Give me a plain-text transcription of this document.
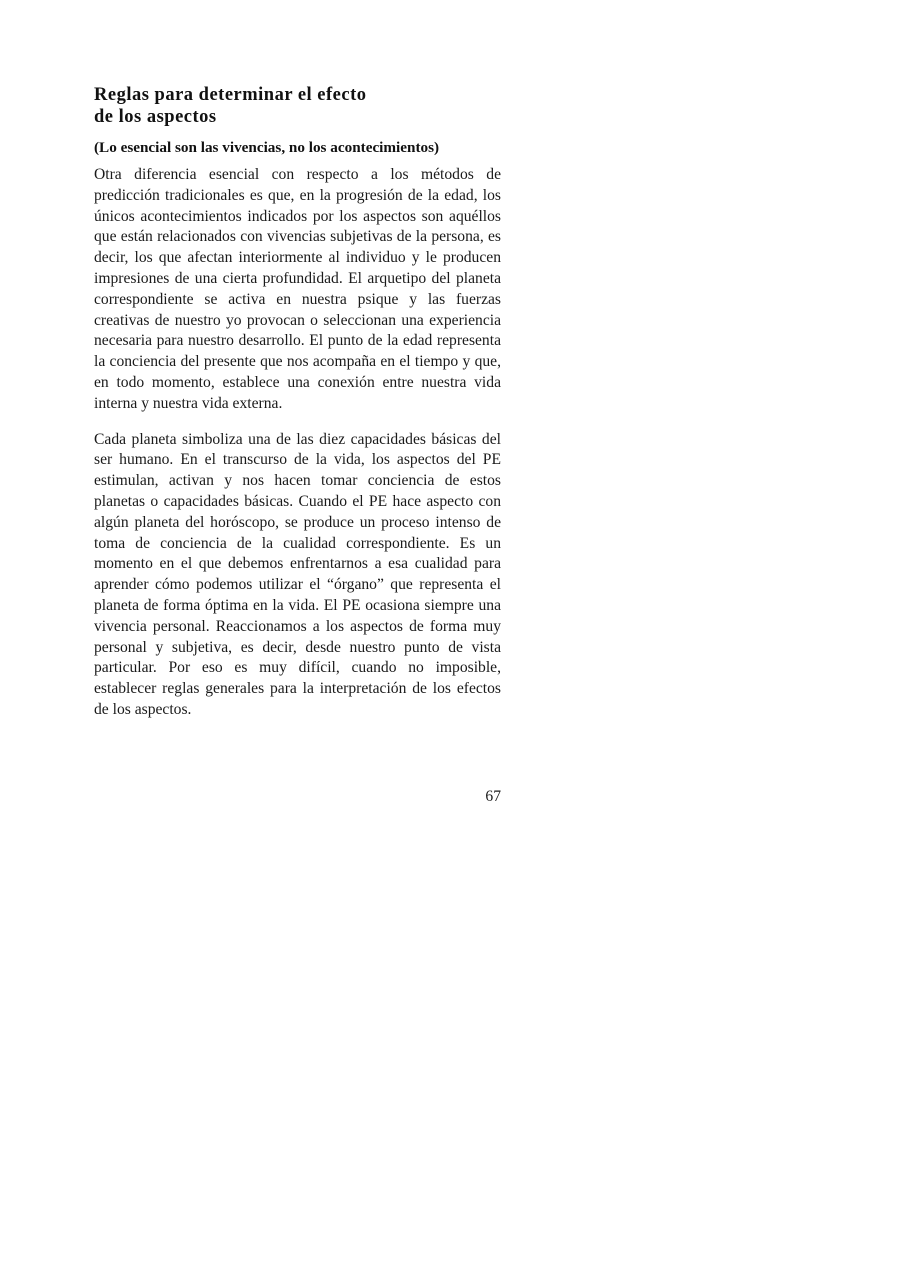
Reglas para determinar el efecto
de los aspectos

(Lo esencial son las vivencias, no los acontecimientos)

Otra diferencia esencial con respecto a los métodos de predicción tradicionales es que, en la progresión de la edad, los únicos acontecimientos indicados por los aspectos son aquéllos que están relacionados con vivencias subjetivas de la persona, es decir, los que afectan interiormente al individuo y le producen impresiones de una cierta profundidad. El arquetipo del planeta correspondiente se activa en nuestra psique y las fuerzas creativas de nuestro yo provocan o seleccionan una experiencia necesaria para nuestro desarrollo. El punto de la edad representa la conciencia del presente que nos acompaña en el tiempo y que, en todo momento, establece una conexión entre nuestra vida interna y nuestra vida externa.

Cada planeta simboliza una de las diez capacidades básicas del ser humano. En el transcurso de la vida, los aspectos del PE estimulan, activan y nos hacen tomar conciencia de estos planetas o capacidades básicas. Cuando el PE hace aspecto con algún planeta del horóscopo, se produce un proceso intenso de toma de conciencia de la cualidad correspondiente. Es un momento en el que debemos enfrentarnos a esa cualidad para aprender cómo podemos utilizar el “órgano” que representa el planeta de forma óptima en la vida. El PE ocasiona siempre una vivencia personal. Reaccionamos a los aspectos de forma muy personal y subjetiva, es decir, desde nuestro punto de vista particular. Por eso es muy difícil, cuando no imposible, establecer reglas generales para la interpretación de los efectos de los aspectos.

67
